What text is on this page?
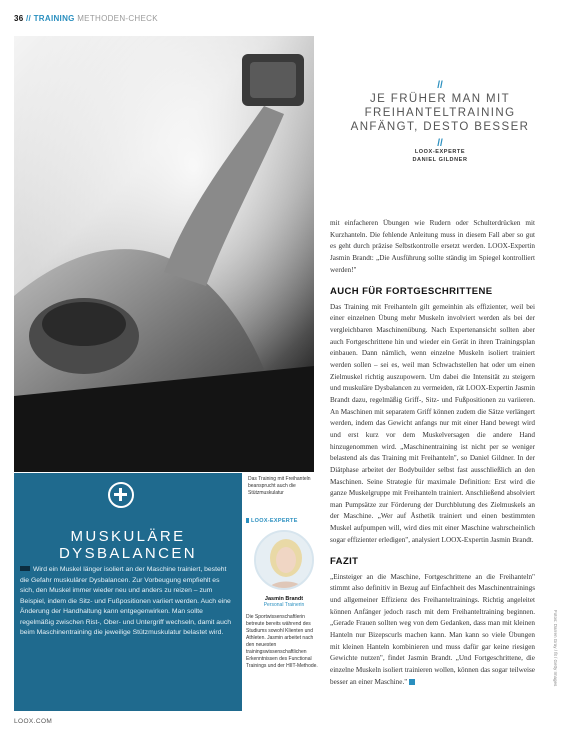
36 // TRAINING METHODEN-CHECK
Das Training mit Freihanteln beansprucht auch die Stützmuskulatur
//
JE FRÜHER MAN MIT FREIHANTELTRAINING ANFÄNGT, DESTO BESSER
//
LOOX-EXPERTE
DANIEL GILDNER

mit einfacheren Übungen wie Rudern oder Schulterdrücken mit Kurzhanteln. Die fehlende Anleitung muss in diesem Fall aber so gut es geht durch präzise Selbstkontrolle ersetzt werden. LOOX-Expertin Jasmin Brandt: „Die Ausführung sollte ständig im Spiegel kontrolliert werden!"

AUCH FÜR FORTGESCHRITTENE

Das Training mit Freihanteln gilt gemeinhin als effizienter, weil bei einer einzelnen Übung mehr Muskeln involviert werden als bei der vergleichbaren Maschinenübung. Nach Expertenansicht sollten aber auch Fortgeschrittene hin und wieder ein Gerät in ihren Trainingsplan einbauen. Dann nämlich, wenn einzelne Muskeln isoliert trainiert werden sollen – sei es, weil man Schwachstellen hat oder um einen Zielmuskel richtig auszupowern. Um dabei die Intensität zu steigern und muskuläre Dysbalancen zu vermeiden, rät LOOX-Expertin Jasmin Brandt dazu, regelmäßig Griff-, Sitz- und Fußpositionen zu variieren. An Maschinen mit separatem Griff können zudem die Sätze verlängert werden, indem das Gewicht anfangs nur mit einer Hand bewegt wird und erst kurz vor dem Muskelversagen die andere Hand hinzugenommen wird. „Maschinentraining ist nicht per se weniger belastend als das Training mit Freihanteln", so Daniel Gildner. In der Diätphase arbeitet der Bodybuilder selbst fast ausschließlich an den Maschinen. Seine Strategie für maximale Definition: Erst wird die ganze Muskelgruppe mit Freihanteln trainiert. Anschließend absolviert man Pumpsätze zur Förderung der Durchblutung des Zielmuskels an der Maschine. „Wer auf Ästhetik trainiert und einen bestimmten Muskel aufpumpen will, wird dies mit einer Maschine wahrscheinlich sogar effizienter erledigen", analysiert LOOX-Expertin Jasmin Brandt.

FAZIT

„Einsteiger an die Maschine, Fortgeschrittene an die Freihanteln" stimmt also definitiv in Bezug auf Einfachheit des Maschinentrainings und allgemeiner Effizienz des Freihanteltrainings. Richtig angeleitet können Anfänger jedoch rasch mit dem Freihanteltraining beginnen. „Gerade Frauen sollten weg von dem Gedanken, dass man mit kleinen Hanteln nur Bizepscurls machen kann. Man kann so viele Übungen mit kleinen Hanteln kombinieren und muss dafür gar keine riesigen Gewichte nutzen", findet Jasmin Brandt. „Und Fortgeschrittene, die einzelne Muskeln isoliert trainieren wollen, können das sogar teilweise besser an einer Maschine."

MUSKULÄRE
DYSBALANCEN
Wird ein Muskel länger isoliert an der Maschine trainiert, besteht die Gefahr muskulärer Dysbalancen. Zur Vorbeugung empfiehlt es sich, den Muskel immer wieder neu und anders zu reizen – zum Beispiel, indem die Sitz- und Fußpositionen variiert werden. Auch eine Änderung der Handhaltung kann entgegenwirken. Man sollte regelmäßig zwischen Rist-, Ober- und Untergriff wechseln, damit auch beim Maschinentraining die jeweilige Stützmuskulatur belastet wird.
LOOX-EXPERTE
Jasmin Brandt
Personal Trainerin
Die Sportwissenschaftlerin betreute bereits während des Studiums sowohl Klienten und Athleten. Jasmin arbeitet nach den neuesten trainingswissenschaftlichen Erkenntnissen des Functional Trainings und der HIIT-Methode.	Fotos: Darren Gray / fit / Getty Images
LOOX.COM
